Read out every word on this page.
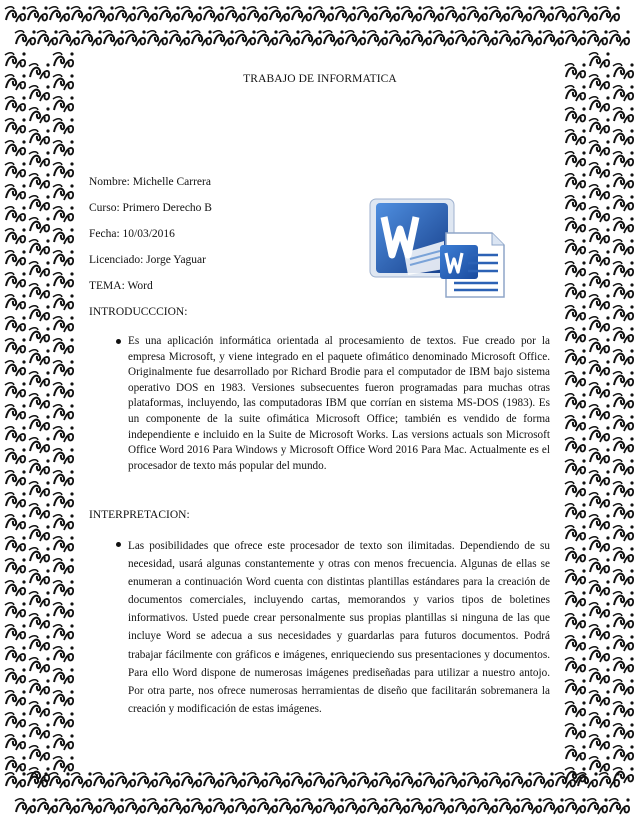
TRABAJO DE INFORMATICA
Nombre: Michelle Carrera
Curso: Primero Derecho B
Fecha: 10/03/2016
Licenciado: Jorge Yaguar
TEMA: Word
INTRODUCCCION:

Es una aplicación informática orientada al procesamiento de textos. Fue creado por la empresa Microsoft, y viene integrado en el paquete ofimático denominado Microsoft Office. Originalmente fue desarrollado por Richard Brodie para el computador de IBM bajo sistema operativo DOS en 1983. Versiones subsecuentes fueron programadas para muchas otras plataformas, incluyendo, las computadoras IBM que corrían en sistema MS-DOS (1983). Es un componente de la suite ofimática Microsoft Office; también es vendido de forma independiente e incluido en la Suite de Microsoft Works. Las versions actuals son Microsoft Office Word 2016 Para Windows y Microsoft Office Word 2016 Para Mac. Actualmente es el procesador de texto más popular del mundo.

INTERPRETACION:

Las posibilidades que ofrece este procesador de texto son ilimitadas. Dependiendo de su necesidad, usará algunas constantemente y otras con menos frecuencia. Algunas de ellas se enumeran a continuación Word cuenta con distintas plantillas estándares para la creación de documentos comerciales, incluyendo cartas, memorandos y varios tipos de boletines informativos. Usted puede crear personalmente sus propias plantillas si ninguna de las que incluye Word se adecua a sus necesidades y guardarlas para futuros documentos. Podrá trabajar fácilmente con gráficos e imágenes, enriqueciendo sus presentaciones y documentos. Para ello Word dispone de numerosas imágenes prediseñadas para utilizar a nuestro antojo. Por otra parte, nos ofrece numerosas herramientas de diseño que facilitarán sobremanera la creación y modificación de estas imágenes.
